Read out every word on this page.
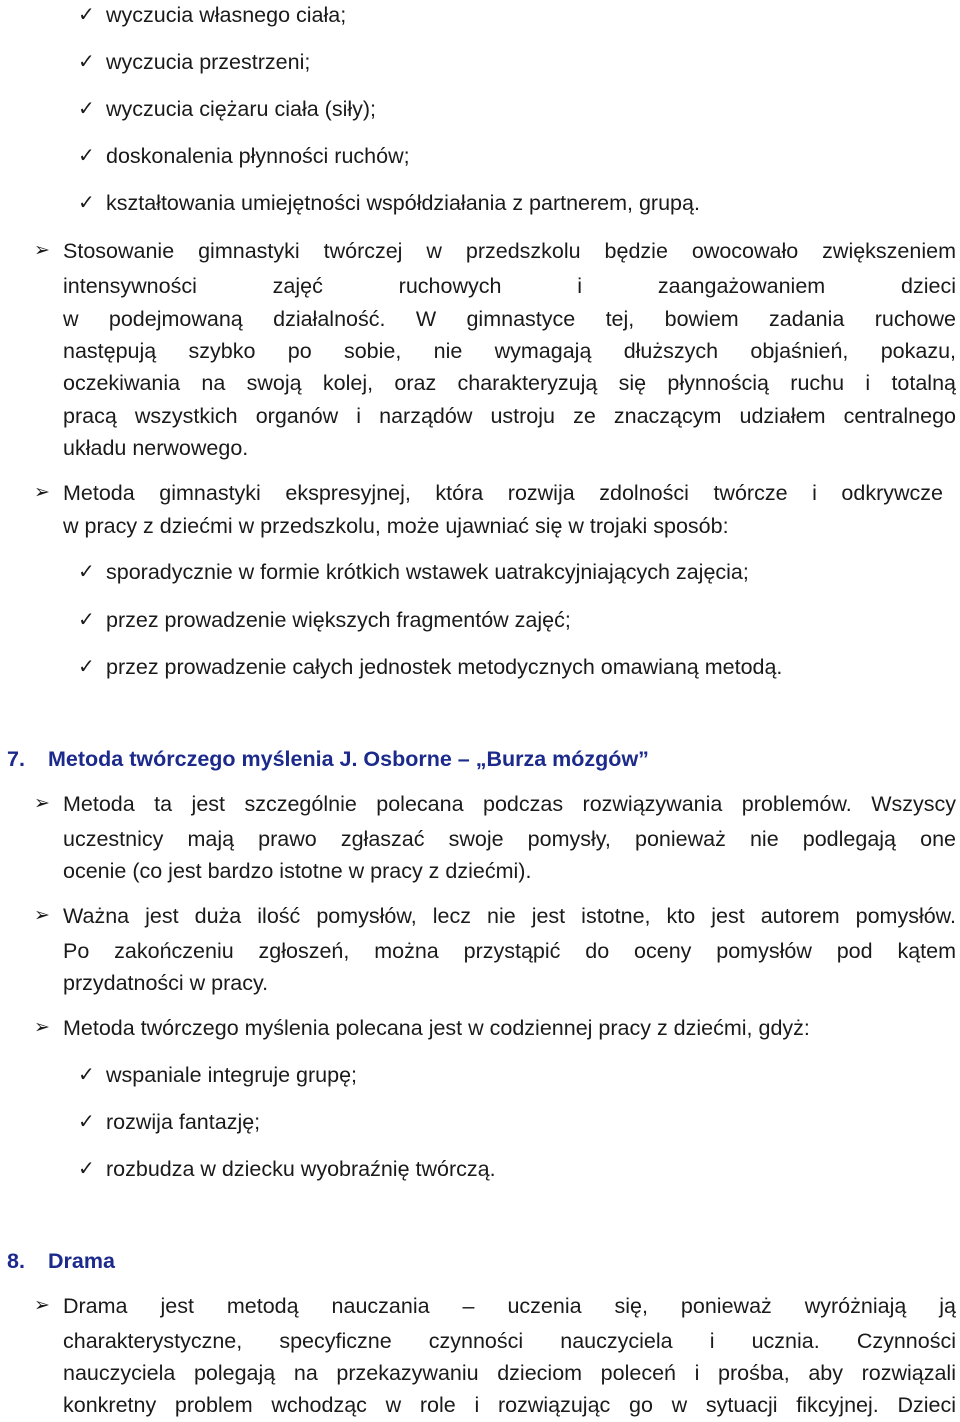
✓ wyczucia własnego ciała;
✓ wyczucia przestrzeni;
✓ wyczucia ciężaru ciała (siły);
✓ doskonalenia płynności ruchów;
✓ kształtowania umiejętności współdziałania z partnerem, grupą.
➢ Stosowanie gimnastyki twórczej w przedszkolu będzie owocowało zwiększeniem
intensywności zajęć ruchowych i zaangażowaniem dzieci
w podejmowaną działalność. W gimnastyce tej, bowiem zadania ruchowe
następują szybko po sobie, nie wymagają dłuższych objaśnień, pokazu,
oczekiwania na swoją kolej, oraz charakteryzują się płynnością ruchu i totalną
pracą wszystkich organów i narządów ustroju ze znaczącym udziałem centralnego
układu nerwowego.
➢ Metoda gimnastyki ekspresyjnej, która rozwija zdolności twórcze i odkrywcze
w pracy z dziećmi w przedszkolu, może ujawniać się w trojaki sposób:
✓ sporadycznie w formie krótkich wstawek uatrakcyjniających zajęcia;
✓ przez prowadzenie większych fragmentów zajęć;
✓ przez prowadzenie całych jednostek metodycznych omawianą metodą.
7. Metoda twórczego myślenia J. Osborne – „Burza mózgów”
➢ Metoda ta jest szczególnie polecana podczas rozwiązywania problemów. Wszyscy
uczestnicy mają prawo zgłaszać swoje pomysły, ponieważ nie podlegają one
ocenie (co jest bardzo istotne w pracy z dziećmi).
➢ Ważna jest duża ilość pomysłów, lecz nie jest istotne, kto jest autorem pomysłów.
Po zakończeniu zgłoszeń, można przystąpić do oceny pomysłów pod kątem
przydatności w pracy.
➢ Metoda twórczego myślenia polecana jest w codziennej pracy z dziećmi, gdyż:
✓ wspaniale integruje grupę;
✓ rozwija fantazję;
✓ rozbudza w dziecku wyobraźnię twórczą.
8. Drama
➢ Drama jest metodą nauczania – uczenia się, ponieważ wyróżniają ją
charakterystyczne, specyficzne czynności nauczyciela i ucznia. Czynności
nauczyciela polegają na przekazywaniu dzieciom poleceń i prośba, aby rozwiązali
konkretny problem wchodząc w role i rozwiązując go w sytuacji fikcyjnej. Dzieci
